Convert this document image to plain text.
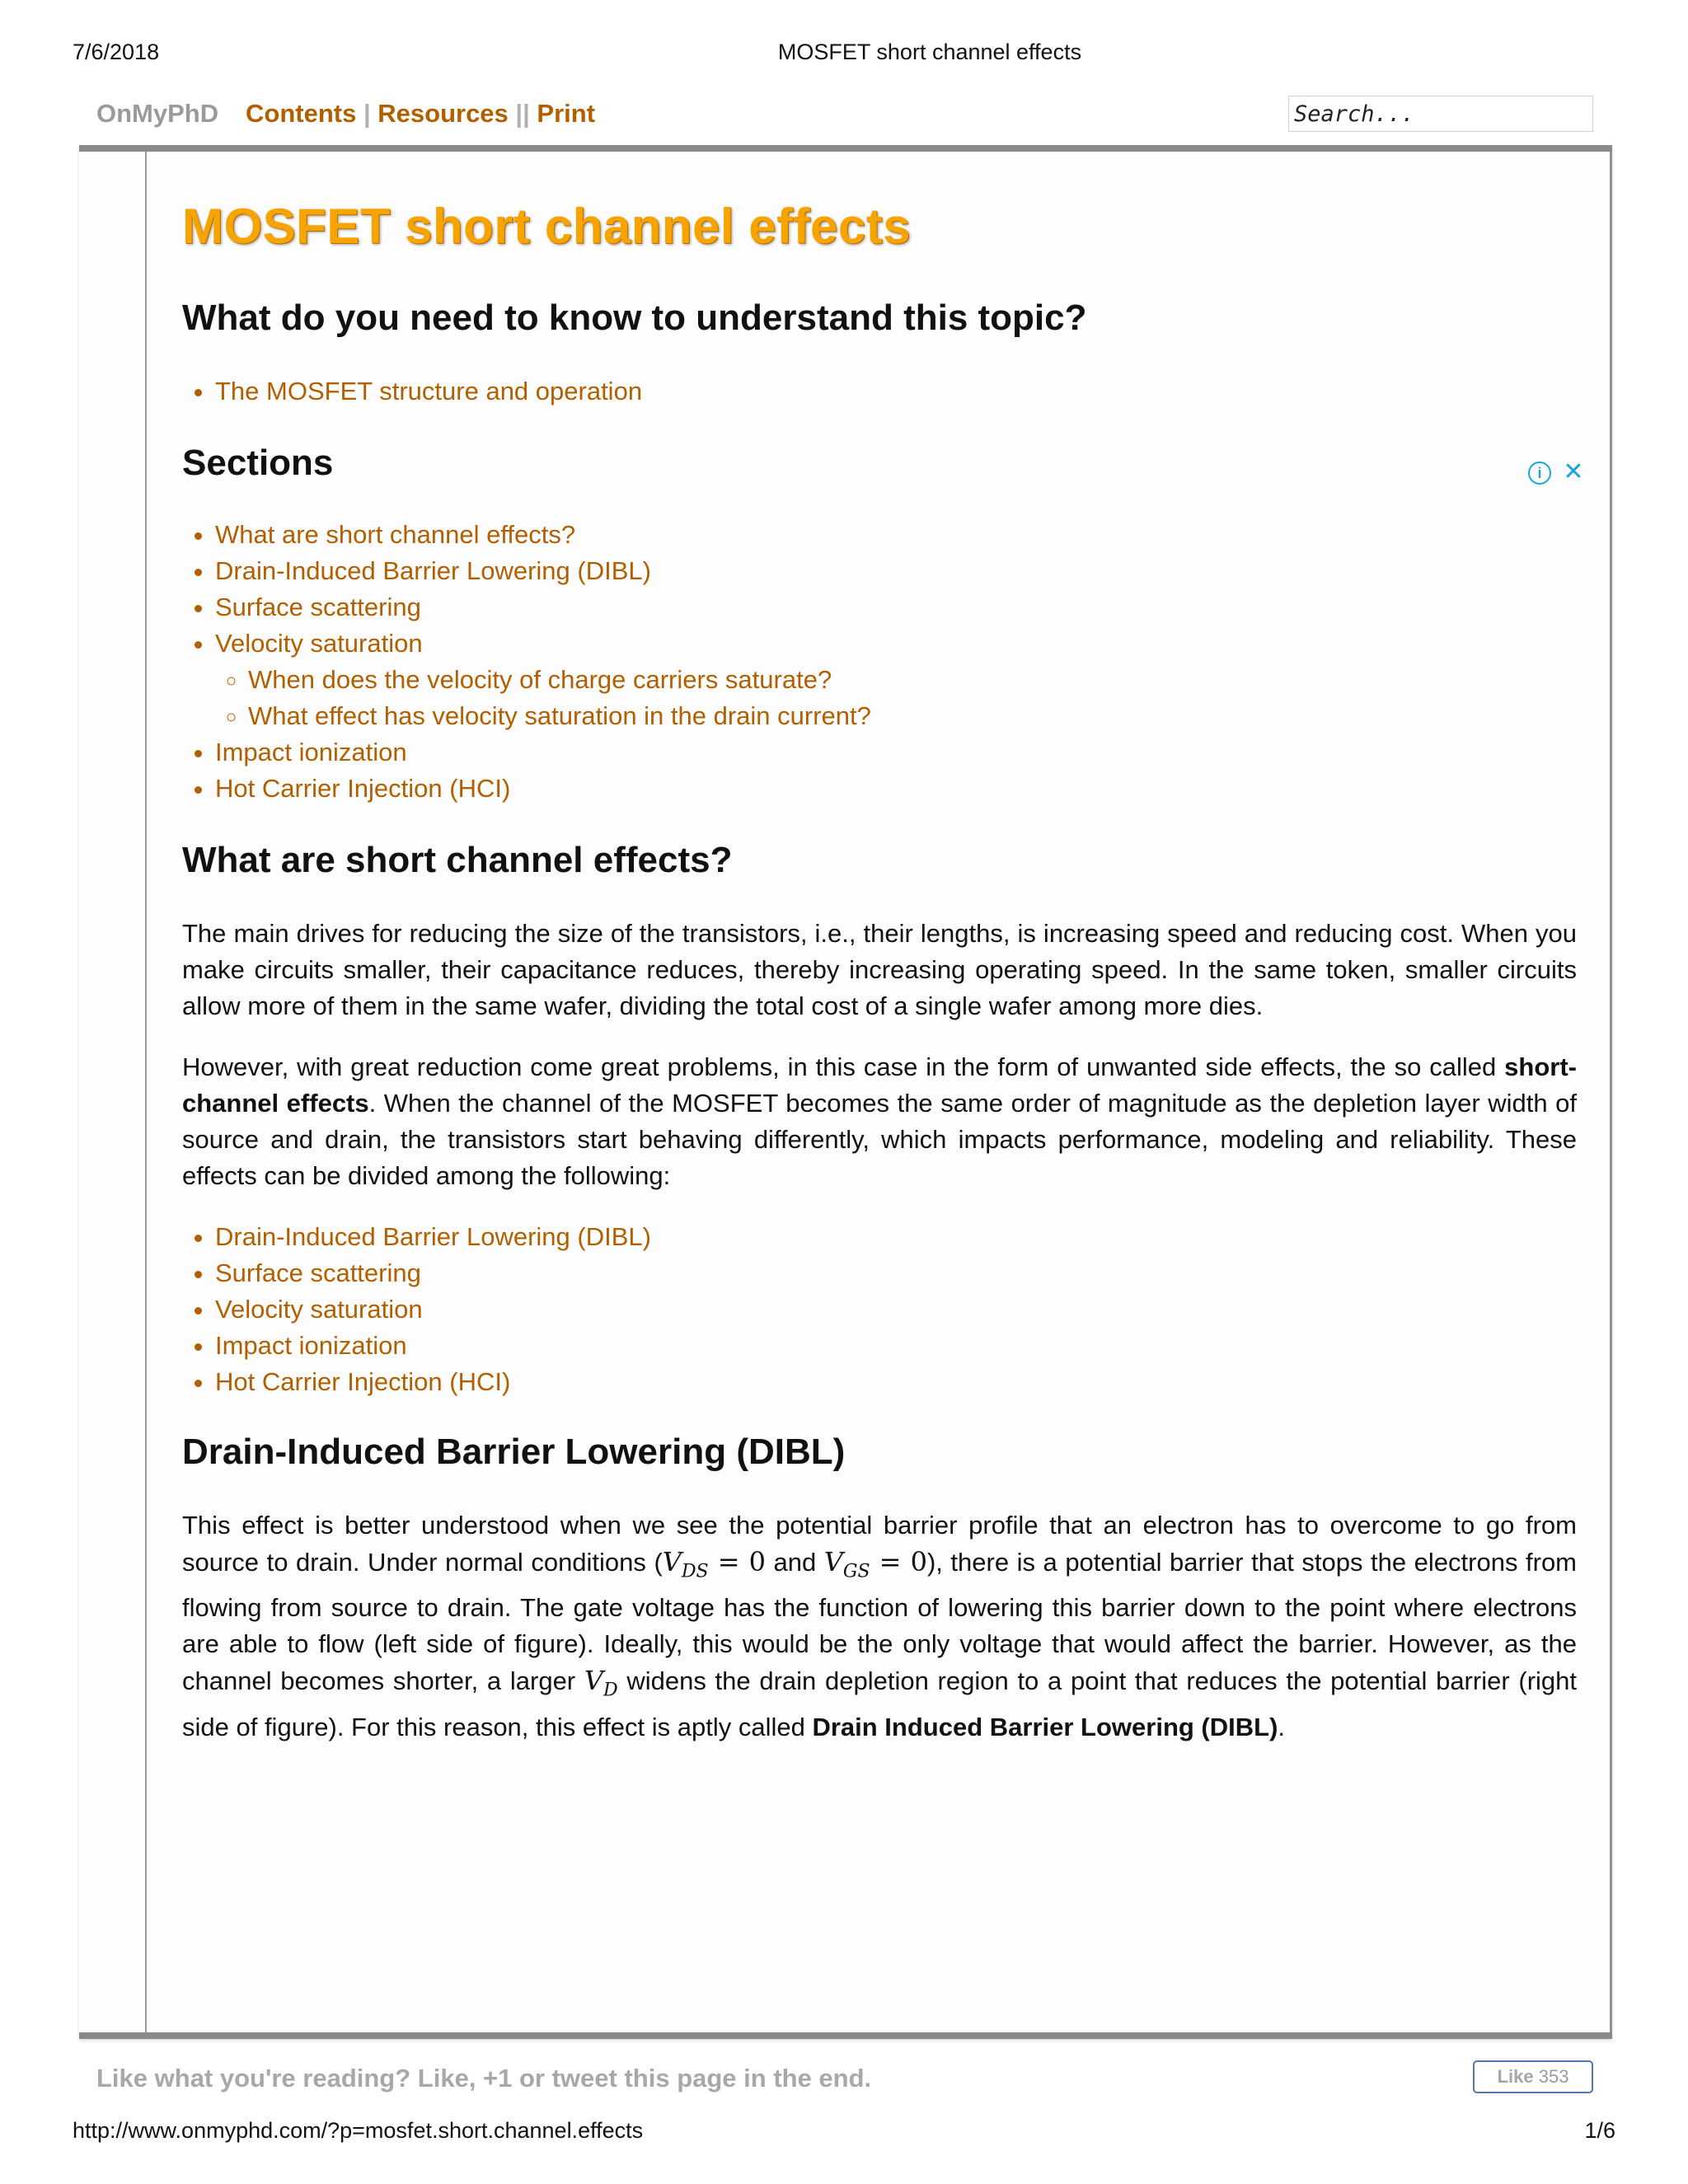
7/6/2018	MOSFET short channel effects
OnMyPhD Contents | Resources || Print
Search...
i ✕
MOSFET short channel effects
What do you need to know to understand this topic?
• The MOSFET structure and operation
Sections
• What are short channel effects?
• Drain-Induced Barrier Lowering (DIBL)
• Surface scattering
• Velocity saturation
◦ When does the velocity of charge carriers saturate?
◦ What effect has velocity saturation in the drain current?
• Impact ionization
• Hot Carrier Injection (HCI)
What are short channel effects?

The main drives for reducing the size of the transistors, i.e., their lengths, is increasing speed and reducing cost. When you make circuits smaller, their capacitance reduces, thereby increasing operating speed. In the same token, smaller circuits allow more of them in the same wafer, dividing the total cost of a single wafer among more dies.

However, with great reduction come great problems, in this case in the form of unwanted side effects, the so called short-channel effects. When the channel of the MOSFET becomes the same order of magnitude as the depletion layer width of source and drain, the transistors start behaving differently, which impacts performance, modeling and reliability. These effects can be divided among the following:

• Drain-Induced Barrier Lowering (DIBL)
• Surface scattering
• Velocity saturation
• Impact ionization
• Hot Carrier Injection (HCI)
Drain-Induced Barrier Lowering (DIBL)

This effect is better understood when we see the potential barrier profile that an electron has to overcome to go from source to drain. Under normal conditions ($V_{DS} = 0$ and $V_{GS} = 0$), there is a potential barrier that stops the electrons from flowing from source to drain. The gate voltage has the function of lowering this barrier down to the point where electrons are able to flow (left side of figure). Ideally, this would be the only voltage that would affect the barrier. However, as the channel becomes shorter, a larger $V_D$ widens the drain depletion region to a point that reduces the potential barrier (right side of figure). For this reason, this effect is aptly called Drain Induced Barrier Lowering (DIBL).

Like what you're reading? Like, +1 or tweet this page in the end.	Like 353
http://www.onmyphd.com/?p=mosfet.short.channel.effects	1/6
